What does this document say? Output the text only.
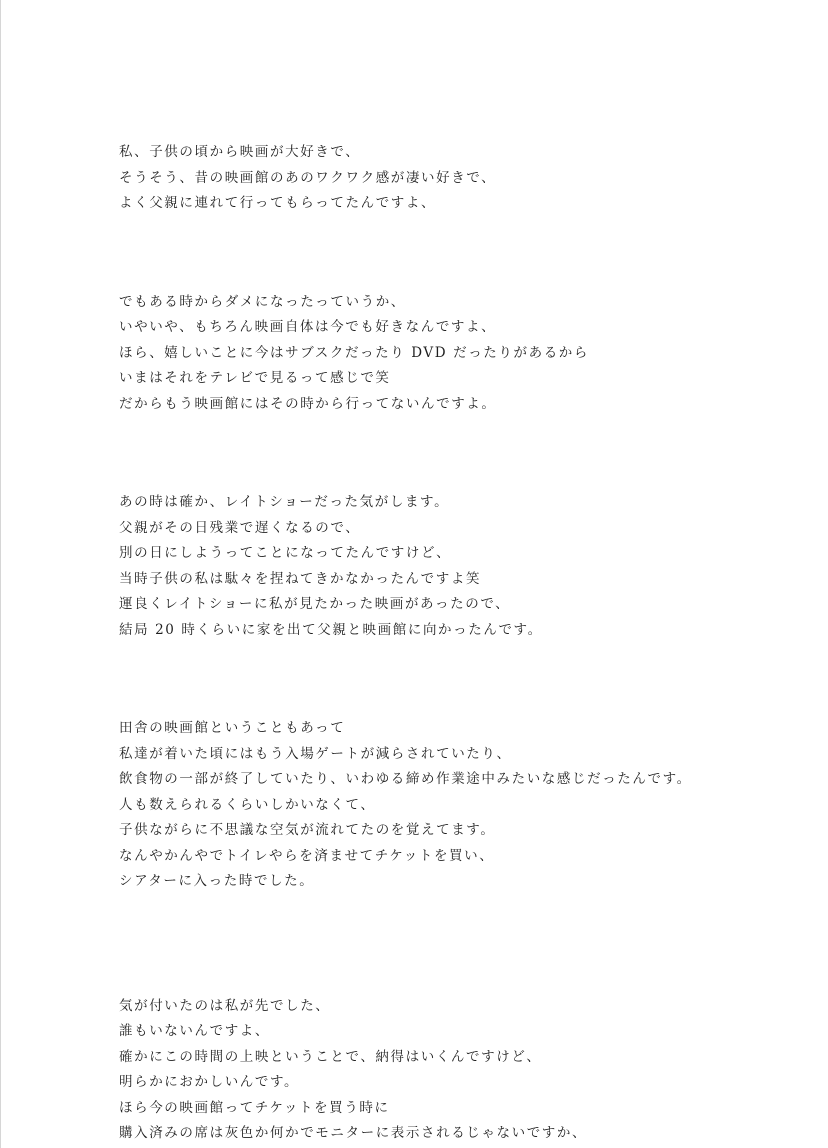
私、子供の頃から映画が大好きで、
そうそう、昔の映画館のあのワクワク感が凄い好きで、
よく父親に連れて行ってもらってたんですよ、
でもある時からダメになったっていうか、
いやいや、もちろん映画自体は今でも好きなんですよ、
ほら、嬉しいことに今はサブスクだったり DVD だったりがあるから
いまはそれをテレビで見るって感じで笑
だからもう映画館にはその時から行ってないんですよ。
あの時は確か、レイトショーだった気がします。
父親がその日残業で遅くなるので、
別の日にしようってことになってたんですけど、
当時子供の私は駄々を捏ねてきかなかったんですよ笑
運良くレイトショーに私が見たかった映画があったので、
結局 20 時くらいに家を出て父親と映画館に向かったんです。
田舎の映画館ということもあって
私達が着いた頃にはもう入場ゲートが減らされていたり、
飲食物の一部が終了していたり、いわゆる締め作業途中みたいな感じだったんです。
人も数えられるくらいしかいなくて、
子供ながらに不思議な空気が流れてたのを覚えてます。
なんやかんやでトイレやらを済ませてチケットを買い、
シアターに入った時でした。
気が付いたのは私が先でした、
誰もいないんですよ、
確かにこの時間の上映ということで、納得はいくんですけど、
明らかにおかしいんです。
ほら今の映画館ってチケットを買う時に
購入済みの席は灰色か何かでモニターに表示されるじゃないですか、
